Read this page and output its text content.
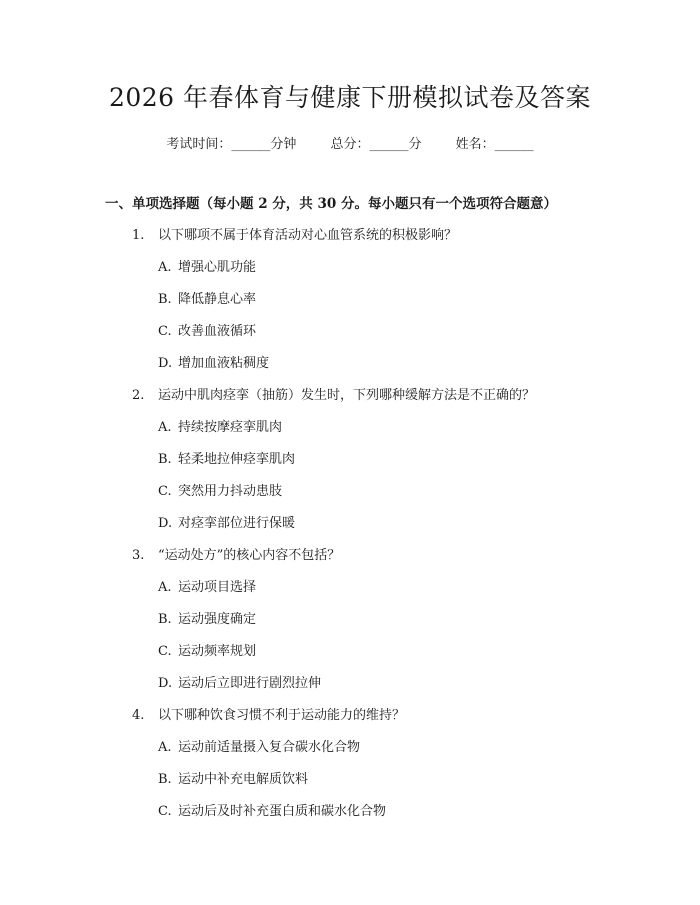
2026 年春体育与健康下册模拟试卷及答案
考试时间：______分钟	总分：______分	姓名：______
一、单项选择题（每小题 2 分，共 30 分。每小题只有一个选项符合题意）
1. 以下哪项不属于体育活动对心血管系统的积极影响？
A. 增强心肌功能
B. 降低静息心率
C. 改善血液循环
D. 增加血液粘稠度
2. 运动中肌肉痉挛（抽筋）发生时，下列哪种缓解方法是不正确的？
A. 持续按摩痉挛肌肉
B. 轻柔地拉伸痉挛肌肉
C. 突然用力抖动患肢
D. 对痉挛部位进行保暖
3. “运动处方”的核心内容不包括？
A. 运动项目选择
B. 运动强度确定
C. 运动频率规划
D. 运动后立即进行剧烈拉伸
4. 以下哪种饮食习惯不利于运动能力的维持？
A. 运动前适量摄入复合碳水化合物
B. 运动中补充电解质饮料
C. 运动后及时补充蛋白质和碳水化合物
